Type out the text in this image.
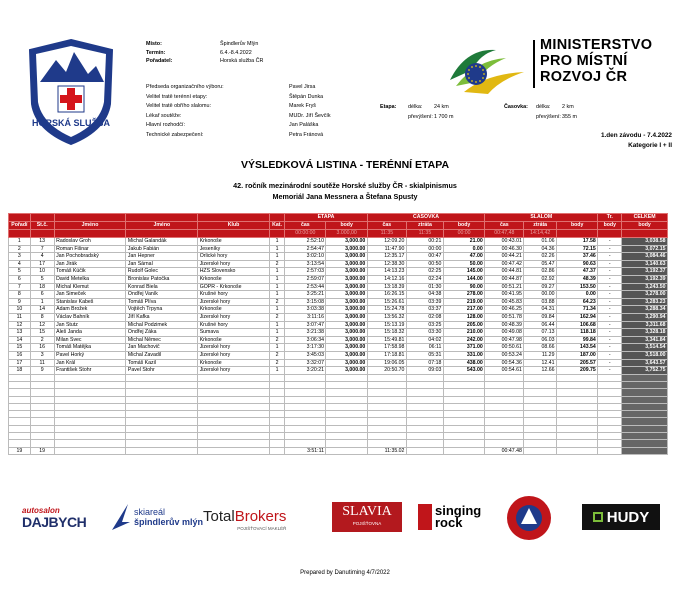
HORSKÁ SLUŽBA
Místo:	Špindlerův Mlýn
Termín:	6.4.-8.4.2022
Pořadatel:	Horská služba ČR
Předseda organizačního výboru:	Pavel Jirsa
Velitel tratě terénní etapy:	Štěpán Dunka
Velitel tratě obřího slalomu:	Marek Fryš
Lékař soutěže:	MUDr. Jiří Ševčík
Hlavní rozhodčí:	Jan Paláška
Technické zabezpečení:	Petra Fránová
Etapa:	délka:	24 km	Časovka:	délka:	2 km
převýšení: 1 700 m	převýšení: 355 m
MINISTERSTVO
PRO MÍSTNÍ
ROZVOJ ČR
1.den závodu - 7.4.2022
Kategorie I + II
VÝSLEDKOVÁ LISTINA - TERÉNNÍ ETAPA
42. ročník mezinárodní soutěže Horské služby ČR - skialpinismus
Memoriál Jana Messnera a Štefana Spusty
						ETAPA		ČASOVKA			SLALOM			Tr.	CELKEM
Pořadí	St.č.	Jméno	Jméno	Klub	Kat.	čas	body	čas	ztráta	body	čas	ztráta	body	body	body
						00:00:00	3.000,00	11:35	11:35	00:00	00:47,48	14:14,42			
1	13	Radoslav Groh	Michal Galandák	Krkonoše	1	2:52:10	3,000.00	12:09.20	00:21	21.00	00:43.01	01.06	17.58	-	3,038.58
2	7	Roman Fišnar	Jakub Fabián	Jeseníky	1	2:54:47	3,000.00	11:47.90	00:00	0.00	00:46.30	04.36	72.15	-	3,072.15
3	4	Jan Pochobradský	Jan Hepner	Orlické hory	1	3:02:10	3,000.00	12:35.17	00:47	47.00	00:44.21	02.26	37.46	-	3,084.46
4	17	Jan Jirák	Jan Šárnal	Jizerské hory	2	3:13:54	3,000.00	12:38.30	00:50	50.00	00:47.42	05.47	90.63	-	3,140.63
5	10	Tomáš Kúčik	Rudolf Golec	HZS Slovensko	1	2:57:03	3,000.00	14:13.23	02:25	145.00	00:44.81	02.86	47.37	-	3,192.37
6	5	David Metelka	Bronislav Patočka	Krkonoše	1	2:59:07	3,000.00	14:12.16	02:24	144.00	00:44.87	02.92	48.39	-	3,192.39
7	18	Michal Klemut	Konrad Biela	GOPR - Krkonoše	1	2:53:44	3,000.00	13:18.39	01:30	90.00	00:51.21	09.27	153.50	-	3,243.50
8	6	Jan Šimeček	Ondřej Vaník	Krušné hory	1	3:25:21	3,000.00	16:26.15	04:38	278.00	00:41.95	00.00	0.00	-	3,278.00
9	1	Stanislav Kabeš	Tomáš Plíva	Jizerské hory	2	3:15:08	3,000.00	15:26.61	03:39	219.00	00:45.83	03.88	64.23	-	3,283.23
10	14	Adam Brožek	Vojtěch Trpyna	Krkonoše	1	3:03:38	3,000.00	15:24.78	03:37	217.00	00:46.25	04.31	71.34	-	3,288.34
11	8	Václav Bahník	Jiří Kafka	Jizerské hory	2	3:11:16	3,000.00	13:56.32	02:08	128.00	00:51.78	09.84	162.94	-	3,290.94
12	12	Jan Stutz	Michal Podzimek	Krušné hory	1	3:07:47	3,000.00	15:13.19	03:25	205.00	00:48.39	06.44	106.68	-	3,311.68
13	15	Aleš Janda	Ondřej Žáka	Šumava	1	3:21:38	3,000.00	15:18.32	03:30	210.00	00:49.08	07.13	118.18	-	3,328.18
14	2	Milan Švec	Michal Němec	Krkonoše	2	3:06:34	3,000.00	15:49.81	04:02	242.00	00:47.98	06.03	99.84	-	3,341.84
15	16	Tomáš Matějka	Jan Machovič	Jizerské hory	1	3:17:30	3,000.00	17:58.98	06:11	371.00	00:50.61	08.66	143.54	-	3,514.54
16	3	Pavel Horký	Michal Zavadil	Jizerské hory	2	3:45:03	3,000.00	17:18.81	05:31	331.00	00:53.24	11.29	187.00	-	3,518.00
17	11	Jan Král	Tomáš Kazil	Krkonoše	2	3:32:07	3,000.00	19:06.05	07:18	438.00	00:54.36	12.41	205.57	-	3,643.57
18	9	František Stohr	Pavel Stohr	Jizerské hory	1	3:20:21	3,000.00	20:50.70	09:03	543.00	00:54.61	12.66	209.75	-	3,752.75

19	19					3:51:11		11:35.02			00:47.48				
autosalon
DAJBYCH
skiareál
špindlerův mlýn TotalBrokers
POJIŠŤOVACÍ MAKLÉŘ
SLAVIA
POJIŠŤOVNA
singing
rock	HUDY
Prepared by Danutiming 4/7/2022
